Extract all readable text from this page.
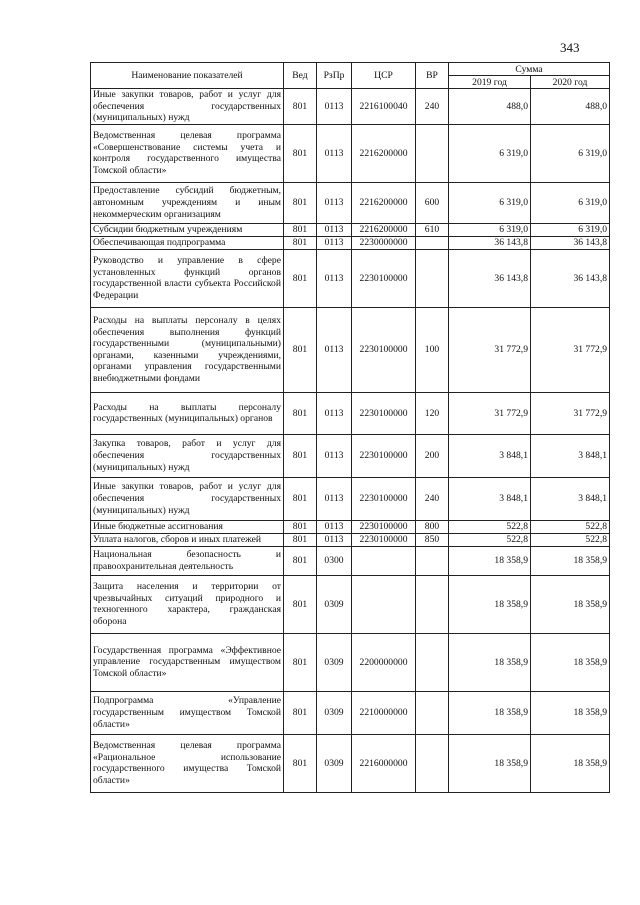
343
Наименование показателей	Вед	РзПр	ЦСР	ВР	Сумма	
					2019 год	2020 год
Иные закупки товаров, работ и услуг для обеспечения государственных (муниципальных) нужд	801	0113	2216100040	240	488,0	488,0
Ведомственная целевая программа «Совершенствование системы учета и контроля государственного имущества Томской области»	801	0113	2216200000		6 319,0	6 319,0
Предоставление субсидий бюджетным, автономным учреждениям и иным некоммерческим организациям	801	0113	2216200000	600	6 319,0	6 319,0
Субсидии бюджетным учреждениям	801	0113	2216200000	610	6 319,0	6 319,0
Обеспечивающая подпрограмма	801	0113	2230000000		36 143,8	36 143,8
Руководство и управление в сфере установленных функций органов государственной власти субъекта Российской Федерации	801	0113	2230100000		36 143,8	36 143,8
Расходы на выплаты персоналу в целях обеспечения выполнения функций государственными (муниципальными) органами, казенными учреждениями, органами управления государственными внебюджетными фондами	801	0113	2230100000	100	31 772,9	31 772,9
Расходы на выплаты персоналу государственных (муниципальных) органов	801	0113	2230100000	120	31 772,9	31 772,9
Закупка товаров, работ и услуг для обеспечения государственных (муниципальных) нужд	801	0113	2230100000	200	3 848,1	3 848,1
Иные закупки товаров, работ и услуг для обеспечения государственных (муниципальных) нужд	801	0113	2230100000	240	3 848,1	3 848,1
Иные бюджетные ассигнования	801	0113	2230100000	800	522,8	522,8
Уплата налогов, сборов и иных платежей	801	0113	2230100000	850	522,8	522,8
Национальная безопасность и правоохранительная деятельность	801	0300			18 358,9	18 358,9
Защита населения и территории от чрезвычайных ситуаций природного и техногенного характера, гражданская оборона	801	0309			18 358,9	18 358,9
Государственная программа «Эффективное управление государственным имуществом Томской области»	801	0309	2200000000		18 358,9	18 358,9
Подпрограмма «Управление государственным имуществом Томской области»	801	0309	2210000000		18 358,9	18 358,9
Ведомственная целевая программа «Рациональное использование государственного имущества Томской области»	801	0309	2216000000		18 358,9	18 358,9
